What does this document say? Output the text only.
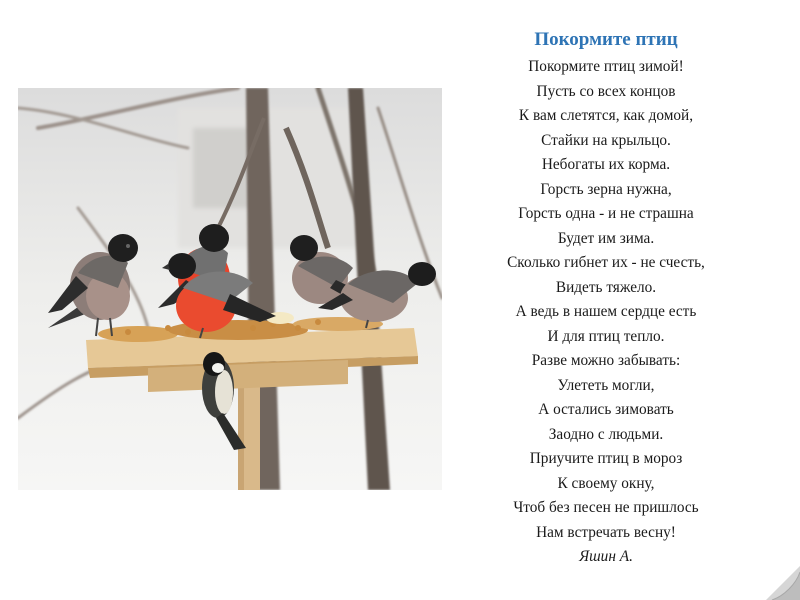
Покормите птиц
Покормите птиц зимой!
Пусть со всех концов
К вам слетятся, как домой,
Стайки на крыльцо.
Небогаты их корма.
Горсть зерна нужна,
Горсть одна - и не страшна
Будет им зима.
Сколько гибнет их - не счесть,
Видеть тяжело.
А ведь в нашем сердце есть
И для птиц тепло.
Разве можно забывать:
Улететь могли,
А остались зимовать
Заодно с людьми.
Приучите птиц в мороз
К своему окну,
Чтоб без песен не пришлось
Нам встречать весну!
Яшин А.
